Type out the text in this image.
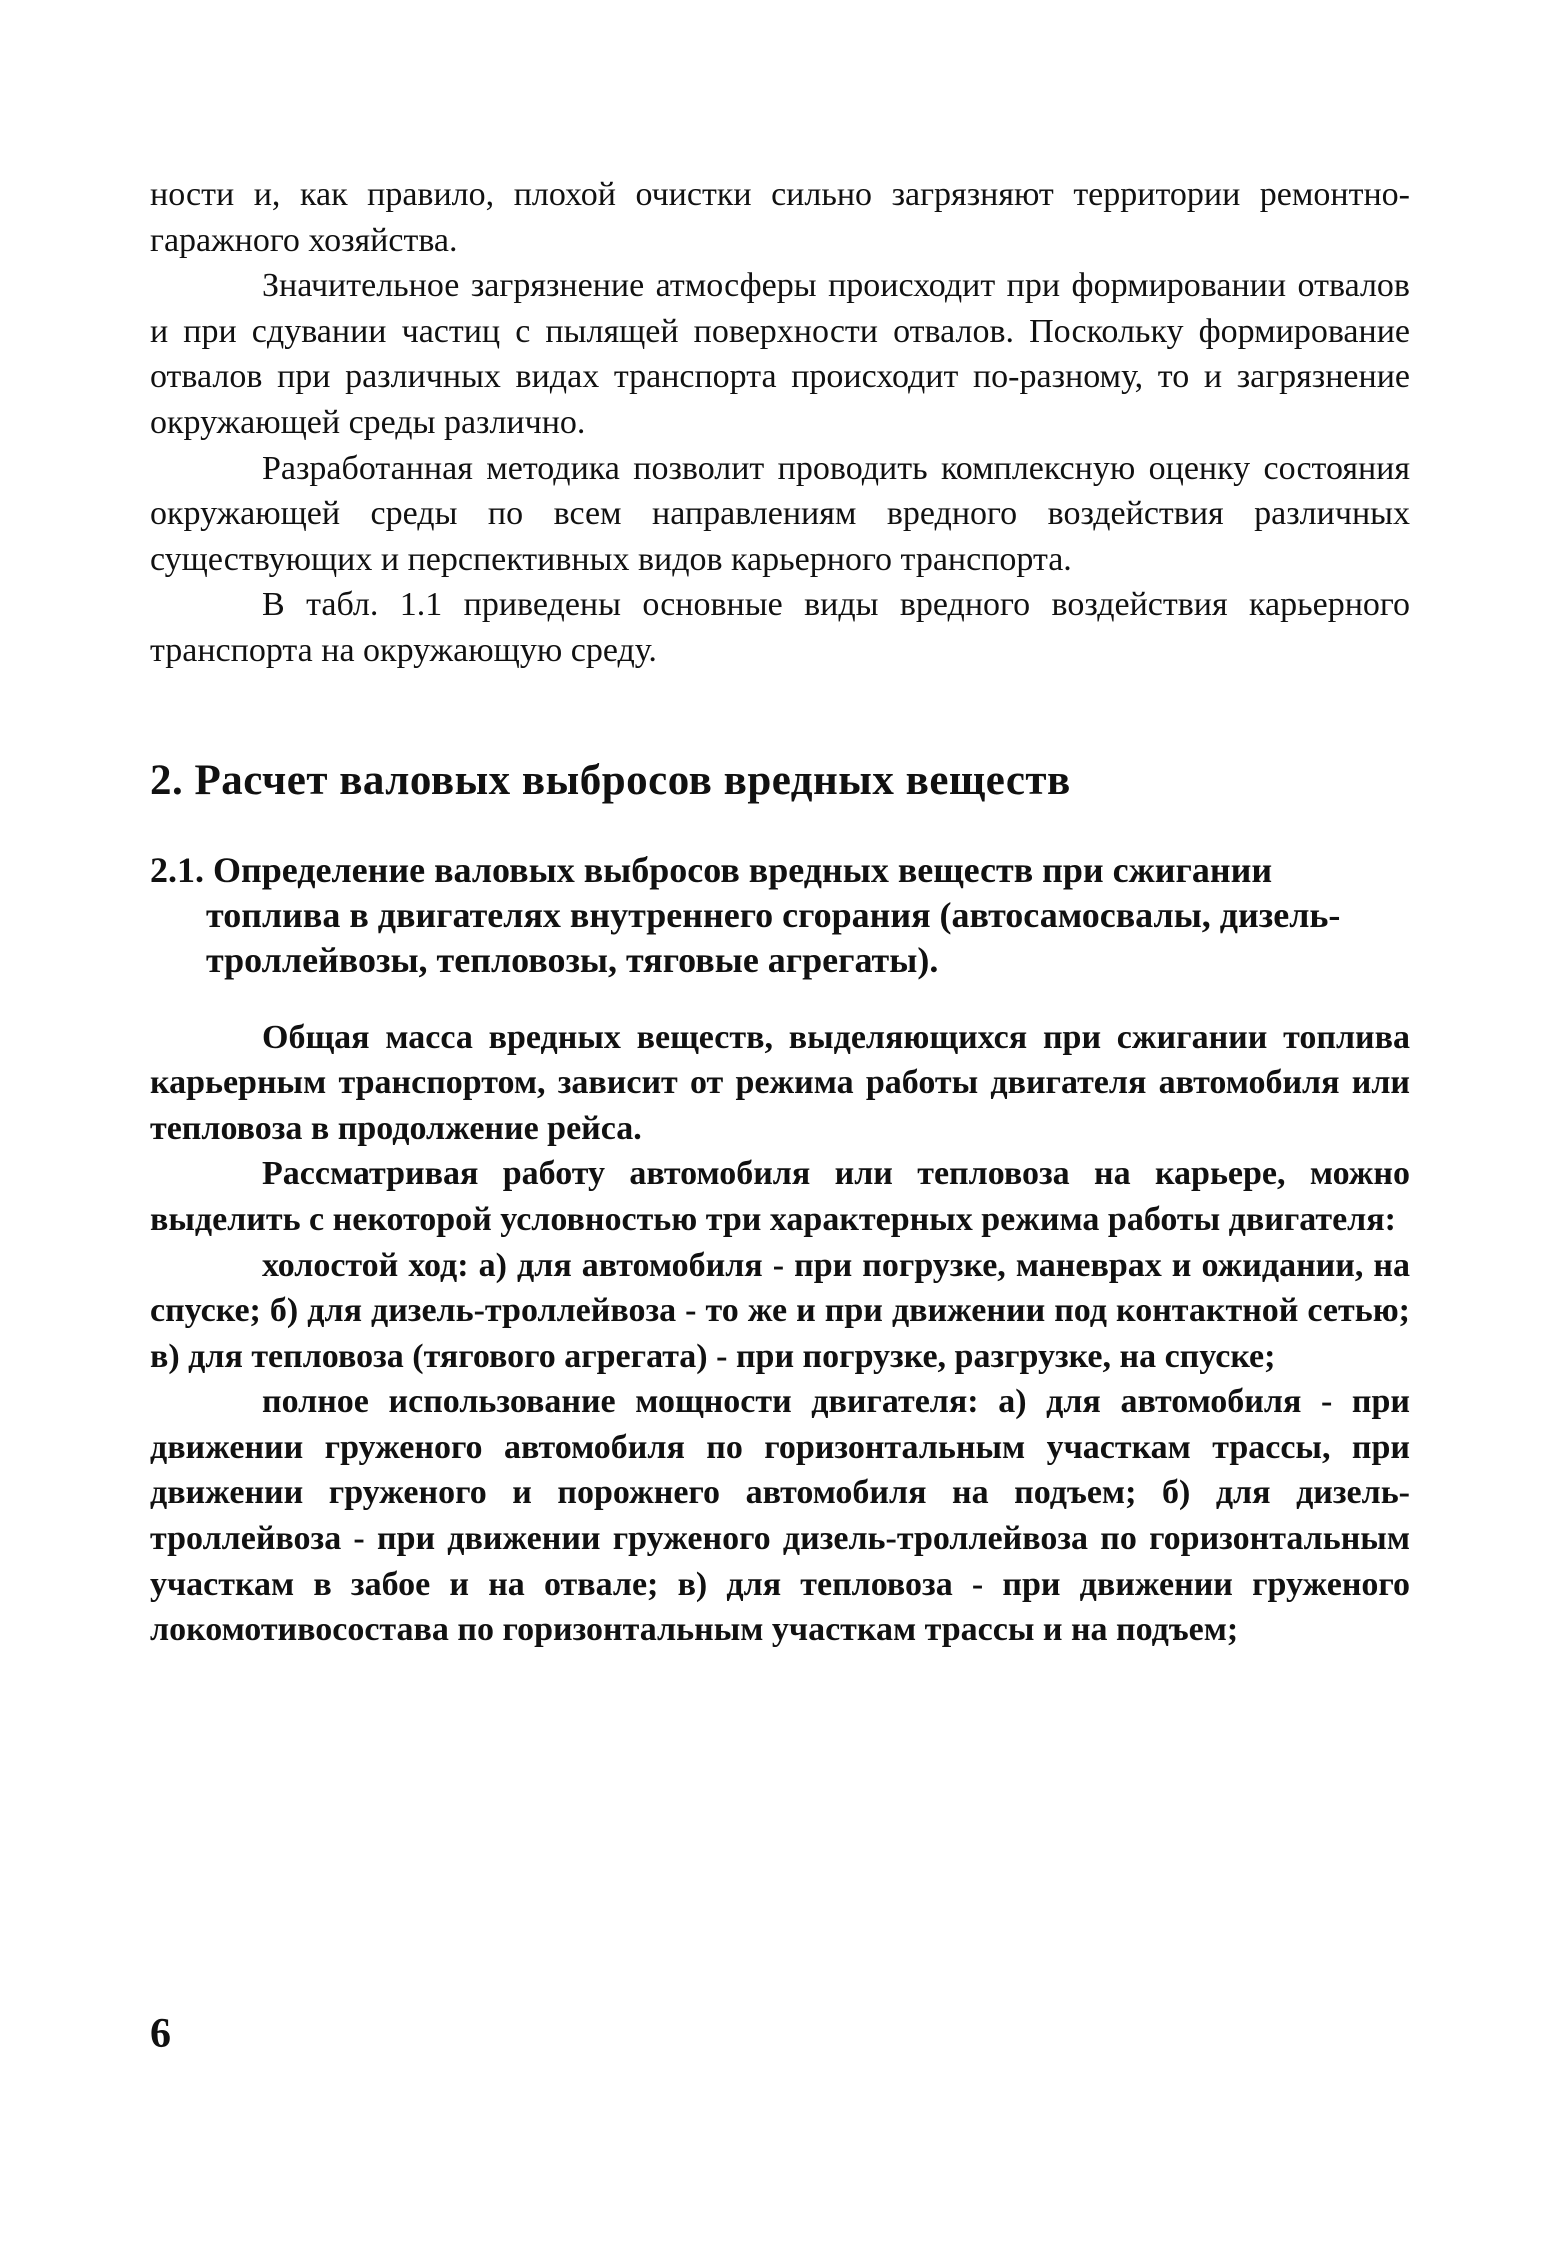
ности и, как правило, плохой очистки сильно загрязняют территории ремонтно-гаражного хозяйства.

Значительное загрязнение атмосферы происходит при формировании отвалов и при сдувании частиц с пылящей поверхности отвалов. Поскольку формирование отвалов при различных видах транспорта происходит по-разному, то и загрязнение окружающей среды различно.

Разработанная методика позволит проводить комплексную оценку состояния окружающей среды по всем направлениям вредного воздействия различных существующих и перспективных видов карьерного транспорта.

В табл. 1.1 приведены основные виды вредного воздействия карьерного транспорта на окружающую среду.

2. Расчет валовых выбросов вредных веществ
2.1. Определение валовых выбросов вредных веществ при сжигании топлива в двигателях внутреннего сгорания (автосамосвалы, дизель-троллейвозы, тепловозы, тяговые агрегаты).

Общая масса вредных веществ, выделяющихся при сжигании топлива карьерным транспортом, зависит от режима работы двигателя автомобиля или тепловоза в продолжение рейса.

Рассматривая работу автомобиля или тепловоза на карьере, можно выделить с некоторой условностью три характерных режима работы двигателя:

холостой ход: а) для автомобиля - при погрузке, маневрах и ожидании, на спуске; б) для дизель-троллейвоза - то же и при движении под контактной сетью; в) для тепловоза (тягового агрегата) - при погрузке, разгрузке, на спуске;

полное использование мощности двигателя: а) для автомобиля - при движении груженого автомобиля по горизонтальным участкам трассы, при движении груженого и порожнего автомобиля на подъем; б) для дизель-троллейвоза - при движении груженого дизель-троллейвоза по горизонтальным участкам в забое и на отвале; в) для тепловоза - при движении груженого локомотивосостава по горизонтальным участкам трассы и на подъем;

6
